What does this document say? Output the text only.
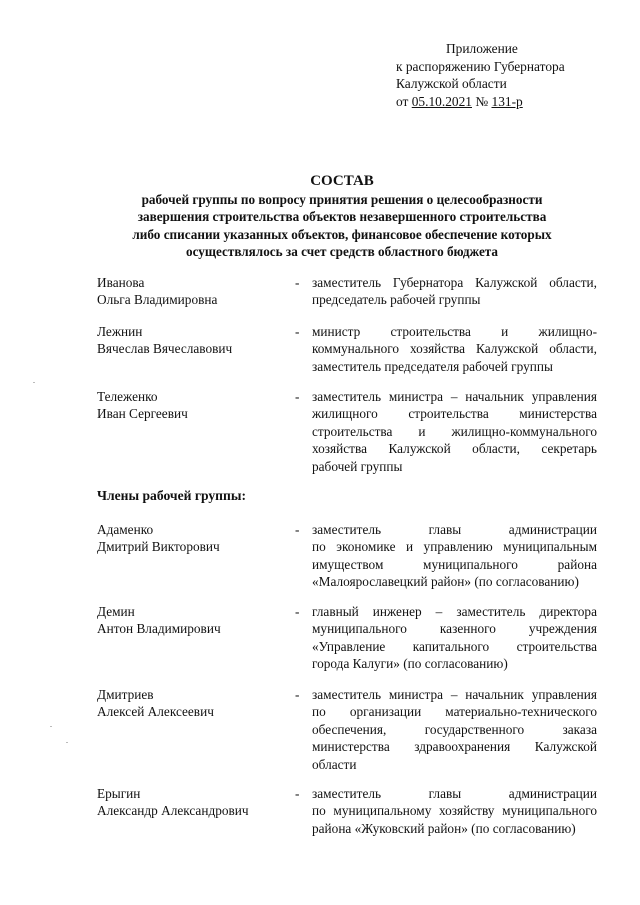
Приложение
к распоряжению Губернатора
Калужской области
от 05.10.2021 № 131-р
СОСТАВ
рабочей группы по вопросу принятия решения о целесообразности
завершения строительства объектов незавершенного строительства
либо списании указанных объектов, финансовое обеспечение которых
осуществлялось за счет средств областного бюджета
Иванова
Ольга Владимировна
- заместитель Губернатора Калужской области,
председатель рабочей группы
Лежнин
Вячеслав Вячеславович
- министр строительства и жилищно-
коммунального хозяйства Калужской области,
заместитель председателя рабочей группы
Тележенко
Иван Сергеевич
- заместитель министра – начальник управления
жилищного строительства министерства
строительства и жилищно-коммунального
хозяйства Калужской области, секретарь
рабочей группы
Члены рабочей группы:
Адаменко
Дмитрий Викторович
- заместитель главы администрации
по экономике и управлению муниципальным
имуществом муниципального района
«Малоярославецкий район» (по согласованию)
Демин
Антон Владимирович
- главный инженер – заместитель директора
муниципального казенного учреждения
«Управление капитального строительства
города Калуги» (по согласованию)
Дмитриев
Алексей Алексеевич
- заместитель министра – начальник управления
по организации материально-технического
обеспечения, государственного заказа
министерства здравоохранения Калужской
области
Ерыгин
Александр Александрович
- заместитель главы администрации
по муниципальному хозяйству муниципального
района «Жуковский район» (по согласованию)
